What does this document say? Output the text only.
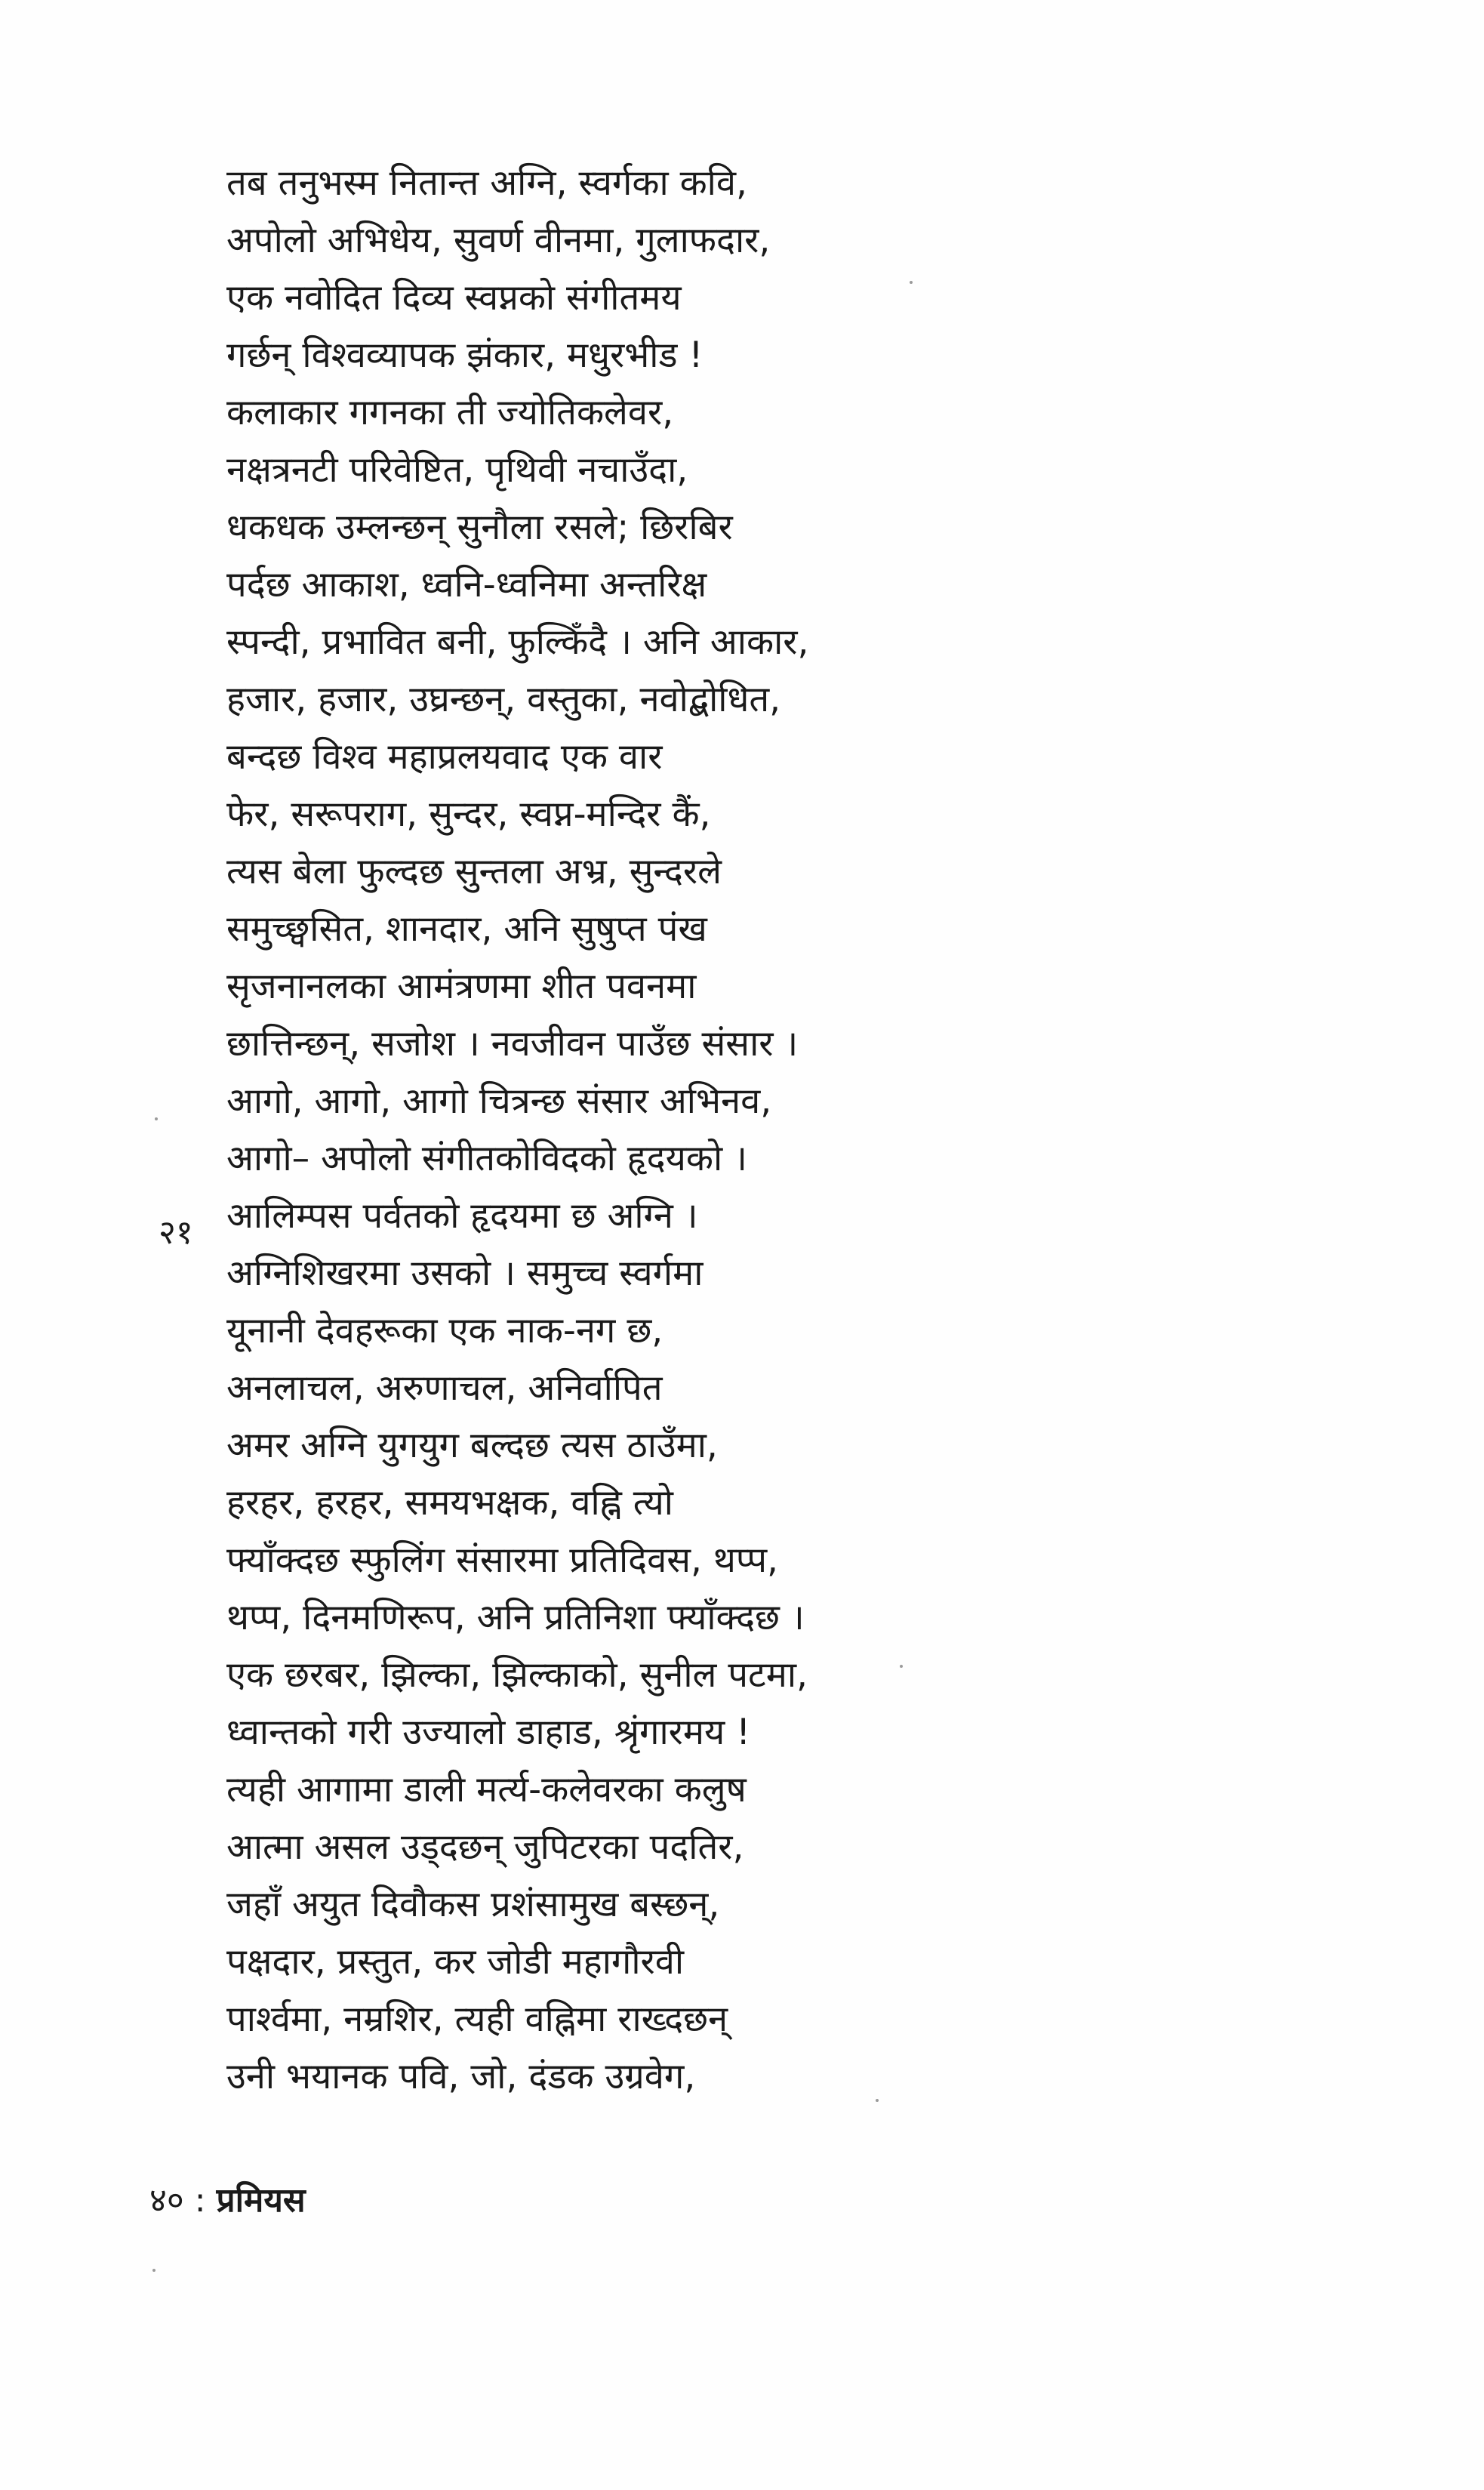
तब तनुभस्म नितान्त अग्नि, स्वर्गका कवि,
अपोलो अभिधेय, सुवर्ण वीनमा, गुलाफदार,
एक नवोदित दिव्य स्वप्नको संगीतमय
गर्छन् विश्वव्यापक झंकार, मधुरभीड !
कलाकार गगनका ती ज्योतिकलेवर,
नक्षत्रनटी परिवेष्टित, पृथिवी नचाउँदा,
धकधक उम्लन्छन् सुनौला रसले; छिरबिर
पर्दछ आकाश, ध्वनि-ध्वनिमा अन्तरिक्ष
स्पन्दी, प्रभावित बनी, फुल्किँदै । अनि आकार,
हजार, हजार, उघ्रन्छन्, वस्तुका, नवोद्बोधित,
बन्दछ विश्व महाप्रलयवाद एक वार
फेर, सरूपराग, सुन्दर, स्वप्न-मन्दिर कैं,
त्यस बेला फुल्दछ सुन्तला अभ्र, सुन्दरले
समुच्छ्वसित, शानदार, अनि सुषुप्त पंख
सृजनानलका आमंत्रणमा शीत पवनमा
छात्तिन्छन्, सजोश । नवजीवन पाउँछ संसार ।
आगो, आगो, आगो चित्रन्छ संसार अभिनव,
आगो– अपोलो संगीतकोविदको हृदयको ।
आलिम्पस पर्वतको हृदयमा छ अग्नि ।
अग्निशिखरमा उसको । समुच्च स्वर्गमा
यूनानी देवहरूका एक नाक-नग छ,
अनलाचल, अरुणाचल, अनिर्वापित
अमर अग्नि युगयुग बल्दछ त्यस ठाउँमा,
हरहर, हरहर, समयभक्षक, वह्नि त्यो
फ्याँक्दछ स्फुलिंग संसारमा प्रतिदिवस, थप्प,
थप्प, दिनमणिरूप, अनि प्रतिनिशा फ्याँक्दछ ।
एक छरबर, झिल्का, झिल्काको, सुनील पटमा,
ध्वान्तको गरी उज्यालो डाहाड, श्रृंगारमय !
त्यही आगामा डाली मर्त्य-कलेवरका कलुष
आत्मा असल उड्दछन् जुपिटरका पदतिर,
जहाँ अयुत दिवौकस प्रशंसामुख बस्छन्,
पक्षदार, प्रस्तुत, कर जोडी महागौरवी
पार्श्वमा, नम्रशिर, त्यही वह्निमा राख्दछन्
उनी भयानक पवि, जो, दंडक उग्रवेग,
२१
४० : प्रमियस
